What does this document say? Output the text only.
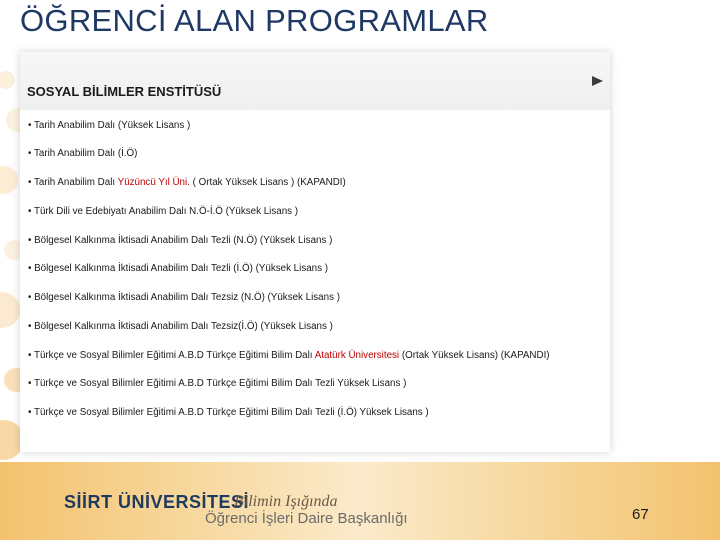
ÖĞRENCİ ALAN PROGRAMLAR
SOSYAL BİLİMLER ENSTİTÜSÜ
• Tarih Anabilim Dalı (Yüksek Lisans )
• Tarih Anabilim Dalı (İ.Ö)
• Tarih Anabilim Dalı Yüzüncü Yıl Üni. ( Ortak Yüksek Lisans ) (KAPANDI)
• Türk Dili ve Edebiyatı Anabilim Dalı N.Ö-İ.Ö (Yüksek Lisans )
• Bölgesel Kalkınma İktisadi Anabilim Dalı Tezli (N.Ö) (Yüksek Lisans )
• Bölgesel Kalkınma İktisadi Anabilim Dalı Tezli (İ.Ö) (Yüksek Lisans )
• Bölgesel Kalkınma İktisadi Anabilim Dalı Tezsiz (N.Ö) (Yüksek Lisans )
• Bölgesel Kalkınma İktisadi Anabilim Dalı Tezsiz(İ.Ö) (Yüksek Lisans )
• Türkçe ve Sosyal Bilimler Eğitimi A.B.D Türkçe Eğitimi Bilim Dalı Atatürk Üniversitesi (Ortak Yüksek Lisans) (KAPANDI)
• Türkçe ve Sosyal Bilimler Eğitimi A.B.D Türkçe Eğitimi Bilim Dalı Tezli Yüksek Lisans )
• Türkçe ve Sosyal Bilimler Eğitimi A.B.D Türkçe Eğitimi Bilim Dalı Tezli (İ.Ö) Yüksek Lisans )
SİİRT ÜNİVERSİTESİ
Bilimin Işığında
Öğrenci İşleri Daire Başkanlığı	67
